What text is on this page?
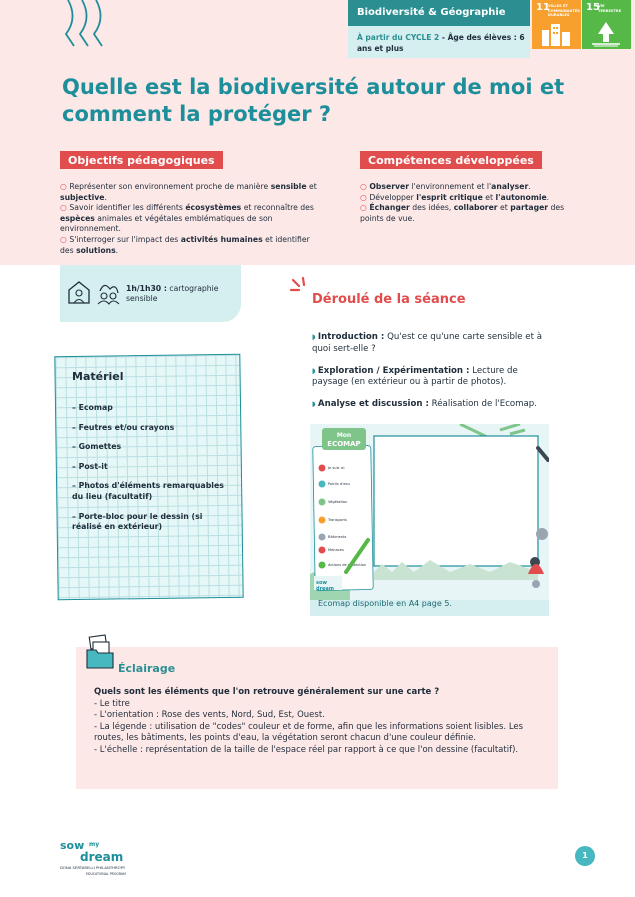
Biodiversité & Géographie
À partir du CYCLE 2 - Âge des élèves : 6 ans et plus
11
VILLES ET COMMUNAUTÉS DURABLES
15
VIE TERRESTRE
Quelle est la biodiversité autour de moi et comment la protéger ?
Objectifs pédagogiques
○ Représenter son environnement proche de manière sensible et subjective.
○ Savoir identifier les différents écosystèmes et reconnaître des espèces animales et végétales emblématiques de son environnement.
○ S'interroger sur l'impact des activités humaines et identifier des solutions.
Compétences développées
○ Observer l'environnement et l'analyser.
○ Développer l'esprit critique et l'autonomie.
○ Échanger des idées, collaborer et partager des points de vue.
1h/1h30 : cartographie sensible	Déroulé de la séance
◗ Introduction : Qu'est ce qu'une carte sensible et à quoi sert-elle ?
◗ Exploration / Expérimentation : Lecture de paysage (en extérieur ou à partir de photos).
◗ Analyse et discussion : Réalisation de l'Ecomap.
Matériel
– Ecomap
– Feutres et/ou crayons
– Gomettes
– Post-it
– Photos d'éléments remarquables du lieu (facultatif)
– Porte-bloc pour le dessin (si réalisé en extérieur)
Mon
ECOMAP
Je suis ici
Points d'eau
Végétation
Transports
Bâtiments
Menaces
Actions de protection
sow
dream
Ecomap disponible en A4 page 5.
Éclairage
Quels sont les éléments que l'on retrouve généralement sur une carte ?
- Le titre
- L'orientation : Rose des vents, Nord, Sud, Est, Ouest.
- La légende : utilisation de "codes" couleur et de forme, afin que les informations soient lisibles. Les routes, les bâtiments, les points d'eau, la végétation seront chacun d'une couleur définie.
- L'échelle : représentation de la taille de l'espace réel par rapport à ce que l'on dessine (facultatif).
sow my
dream
DONA SERTARELLI PHILANTHROPY
EDUCATIONAL PROGRAM
1
